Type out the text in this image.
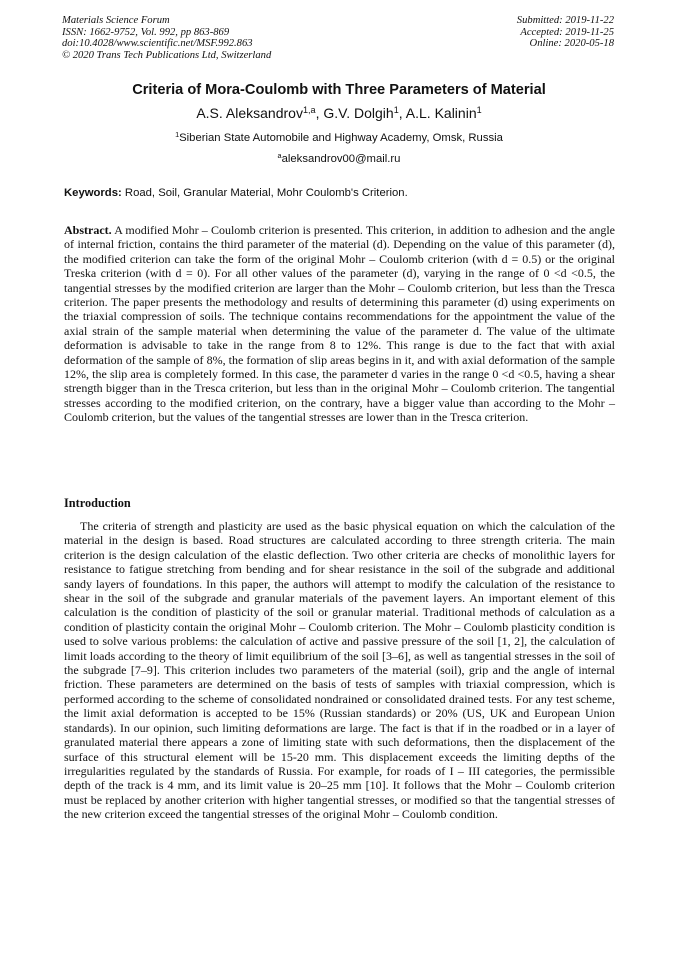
Materials Science Forum
ISSN: 1662-9752, Vol. 992, pp 863-869
doi:10.4028/www.scientific.net/MSF.992.863
© 2020 Trans Tech Publications Ltd, Switzerland
Submitted: 2019-11-22
Accepted: 2019-11-25
Online: 2020-05-18
Criteria of Mora-Coulomb with Three Parameters of Material
A.S. Aleksandrov$^{1,a}$, G.V. Dolgih$^1$, A.L. Kalinin$^1$
$^1$Siberian State Automobile and Highway Academy, Omsk, Russia
$^a$aleksandrov00@mail.ru
Keywords: Road, Soil, Granular Material, Mohr Coulomb's Criterion.

Abstract. A modified Mohr – Coulomb criterion is presented. This criterion, in addition to adhesion and the angle of internal friction, contains the third parameter of the material (d). Depending on the value of this parameter (d), the modified criterion can take the form of the original Mohr – Coulomb criterion (with d = 0.5) or the original Treska criterion (with d = 0). For all other values of the parameter (d), varying in the range of 0 <d <0.5, the tangential stresses by the modified criterion are larger than the Mohr – Coulomb criterion, but less than the Tresca criterion. The paper presents the methodology and results of determining this parameter (d) using experiments on the triaxial compression of soils. The technique contains recommendations for the appointment the value of the axial strain of the sample material when determining the value of the parameter d. The value of the ultimate deformation is advisable to take in the range from 8 to 12%. This range is due to the fact that with axial deformation of the sample of 8%, the formation of slip areas begins in it, and with axial deformation of the sample 12%, the slip area is completely formed. In this case, the parameter d varies in the range 0 <d <0.5, having a shear strength bigger than in the Tresca criterion, but less than in the original Mohr – Coulomb criterion. The tangential stresses according to the modified criterion, on the contrary, have a bigger value than according to the Mohr – Coulomb criterion, but the values of the tangential stresses are lower than in the Tresca criterion.

Introduction

The criteria of strength and plasticity are used as the basic physical equation on which the calculation of the material in the design is based. Road structures are calculated according to three strength criteria. The main criterion is the design calculation of the elastic deflection. Two other criteria are checks of monolithic layers for resistance to fatigue stretching from bending and for shear resistance in the soil of the subgrade and additional sandy layers of foundations. In this paper, the authors will attempt to modify the calculation of the resistance to shear in the soil of the subgrade and granular materials of the pavement layers. An important element of this calculation is the condition of plasticity of the soil or granular material. Traditional methods of calculation as a condition of plasticity contain the original Mohr – Coulomb criterion. The Mohr – Coulomb plasticity condition is used to solve various problems: the calculation of active and passive pressure of the soil [1, 2], the calculation of limit loads according to the theory of limit equilibrium of the soil [3–6], as well as tangential stresses in the soil of the subgrade [7–9]. This criterion includes two parameters of the material (soil), grip and the angle of internal friction. These parameters are determined on the basis of tests of samples with triaxial compression, which is performed according to the scheme of consolidated nondrained or consolidated drained tests. For any test scheme, the limit axial deformation is accepted to be 15% (Russian standards) or 20% (US, UK and European Union standards). In our opinion, such limiting deformations are large. The fact is that if in the roadbed or in a layer of granulated material there appears a zone of limiting state with such deformations, then the displacement of the surface of this structural element will be 15-20 mm. This displacement exceeds the limiting depths of the irregularities regulated by the standards of Russia. For example, for roads of I – III categories, the permissible depth of the track is 4 mm, and its limit value is 20–25 mm [10]. It follows that the Mohr – Coulomb criterion must be replaced by another criterion with higher tangential stresses, or modified so that the tangential stresses of the new criterion exceed the tangential stresses of the original Mohr – Coulomb condition.
